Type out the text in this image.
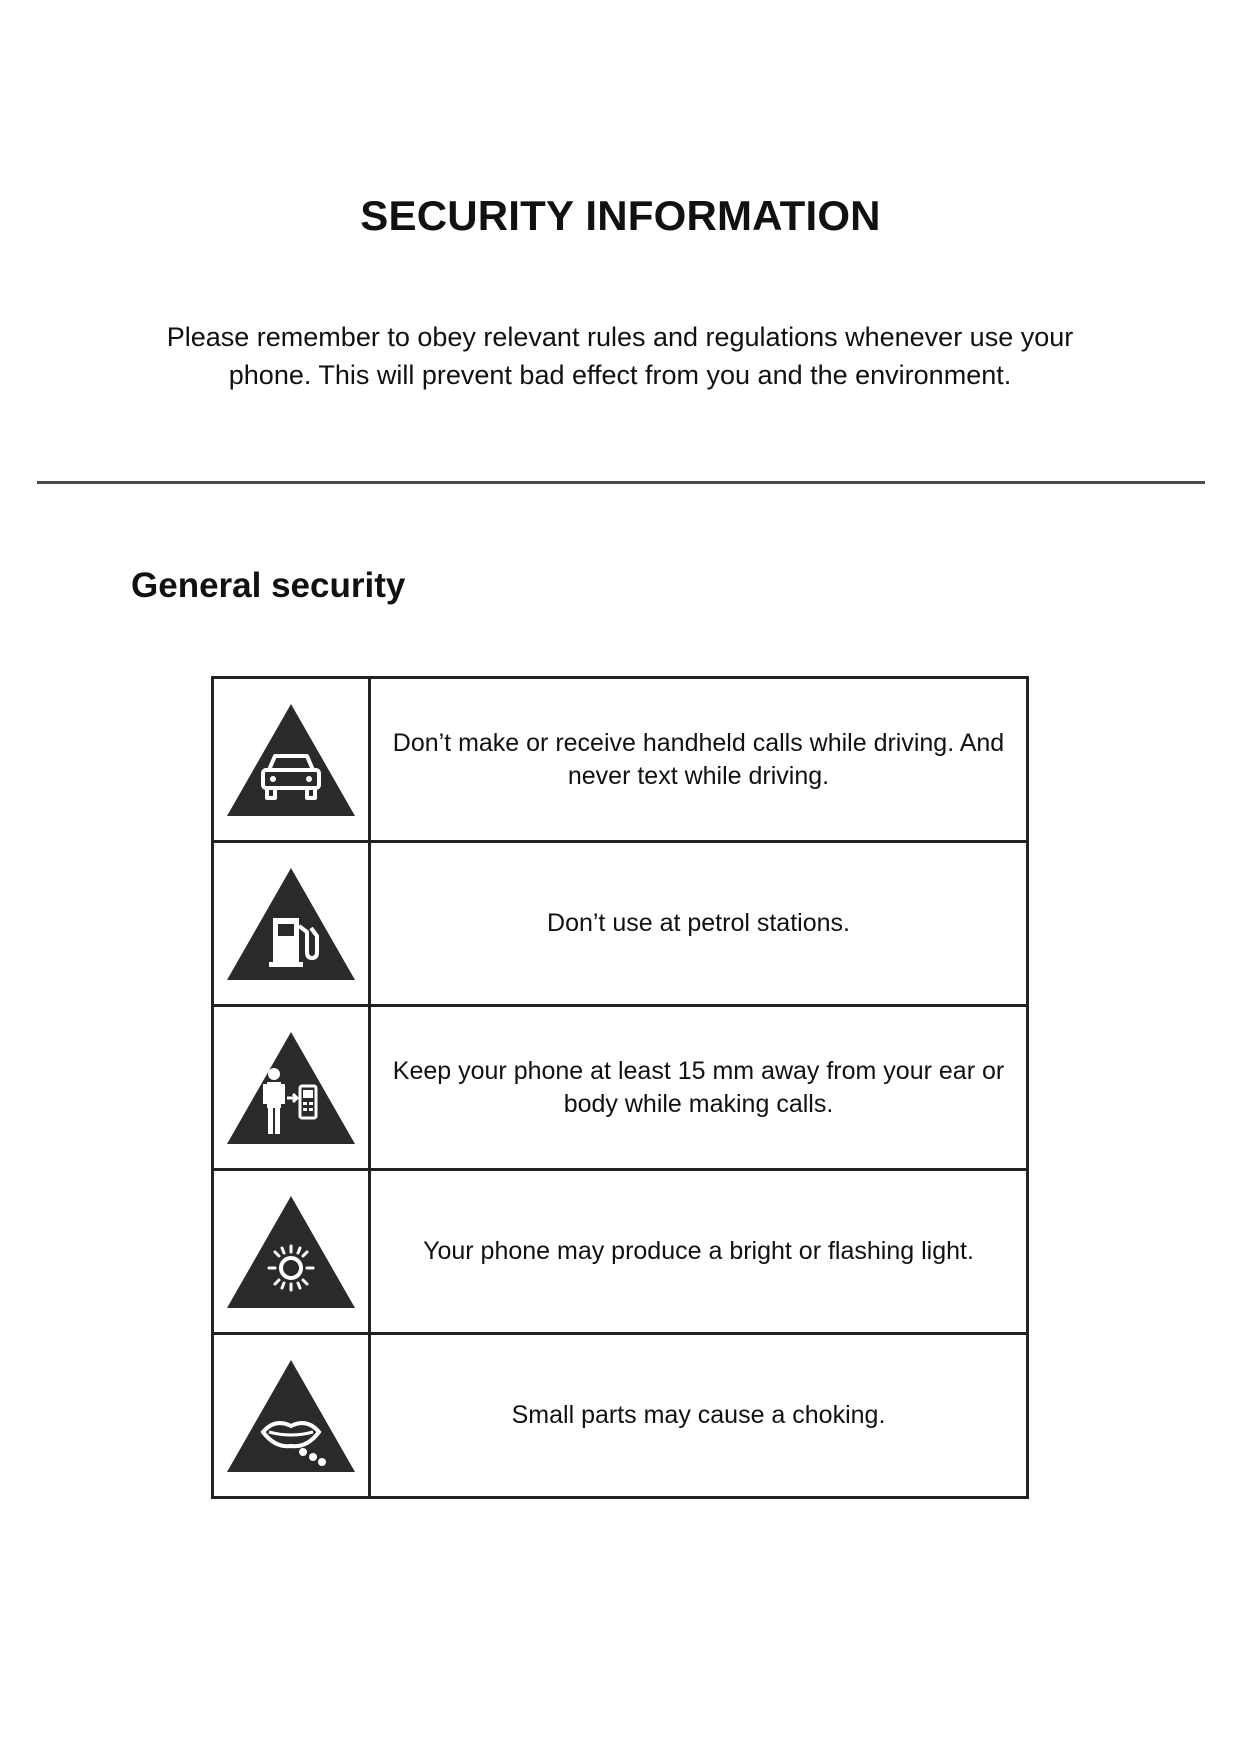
SECURITY INFORMATION

Please remember to obey relevant rules and regulations whenever use your phone. This will prevent bad effect from you and the environment.

General security
	Don’t make or receive handheld calls while driving. And never text while driving.

	Don’t use at petrol stations.

	Keep your phone at least 15 mm away from your ear or body while making calls.

	Your phone may produce a bright or flashing light.

	Small parts may cause a choking.
